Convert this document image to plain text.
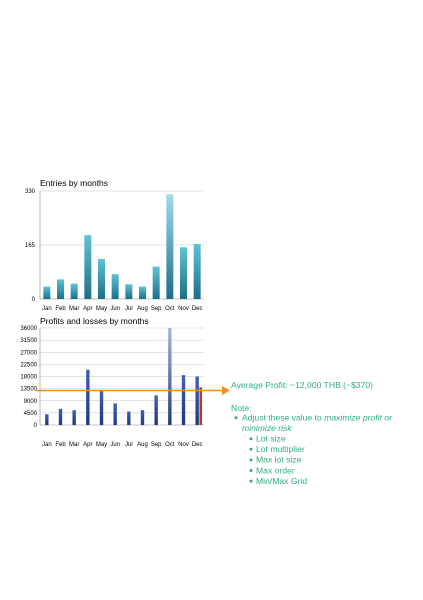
Entries by months
330
165
0
Jan Feb Mar Apr May Jun Jul Aug Sep Oct Nov Dec
Profits and losses by months
36000
31500
27000
22500
18000
13500
9000
4500
0
Jan Feb Mar Apr May Jun Jul Aug Sep Oct Nov Dec
Average Profit: ~12,000 THB (~$370)
Note:
Adjust these value to maximize profit or
minimize risk
Lot size
Lot multiplier
Max lot size
Max order
Min/Max Grid
